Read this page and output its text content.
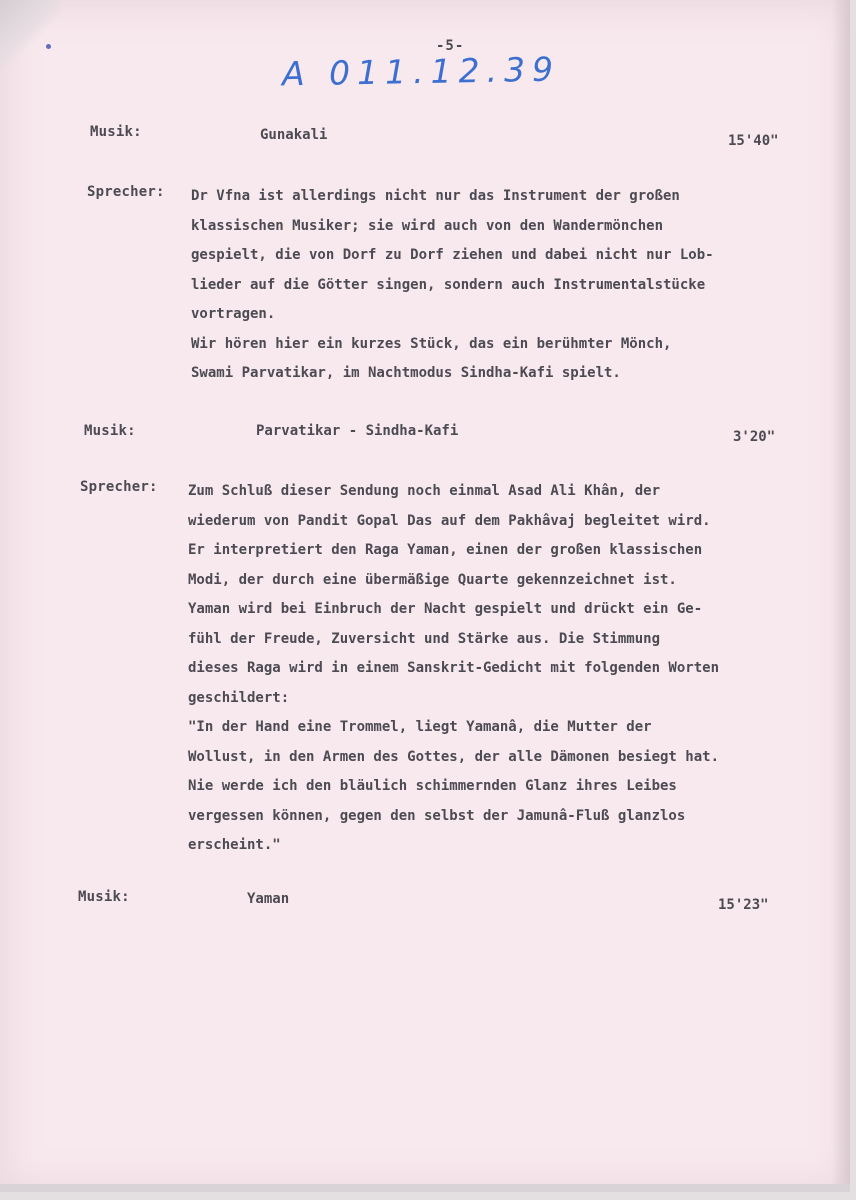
-5-
A 011.12.39
Musik:	Gunakali	15'40"
Sprecher: Dr Vfna ist allerdings nicht nur das Instrument der großen
klassischen Musiker; sie wird auch von den Wandermönchen
gespielt, die von Dorf zu Dorf ziehen und dabei nicht nur Lob-
lieder auf die Götter singen, sondern auch Instrumentalstücke
vortragen.
Wir hören hier ein kurzes Stück, das ein berühmter Mönch,
Swami Parvatikar, im Nachtmodus Sindha-Kafi spielt.
Musik:	Parvatikar - Sindha-Kafi	3'20"
Sprecher: Zum Schluß dieser Sendung noch einmal Asad Ali Khân, der
wiederum von Pandit Gopal Das auf dem Pakhâvaj begleitet wird.
Er interpretiert den Raga Yaman, einen der großen klassischen
Modi, der durch eine übermäßige Quarte gekennzeichnet ist.
Yaman wird bei Einbruch der Nacht gespielt und drückt ein Ge-
fühl der Freude, Zuversicht und Stärke aus. Die Stimmung
dieses Raga wird in einem Sanskrit-Gedicht mit folgenden Worten
geschildert:
"In der Hand eine Trommel, liegt Yamanâ, die Mutter der
Wollust, in den Armen des Gottes, der alle Dämonen besiegt hat.
Nie werde ich den bläulich schimmernden Glanz ihres Leibes
vergessen können, gegen den selbst der Jamunâ-Fluß glanzlos
erscheint."
Musik:	Yaman	15'23"
